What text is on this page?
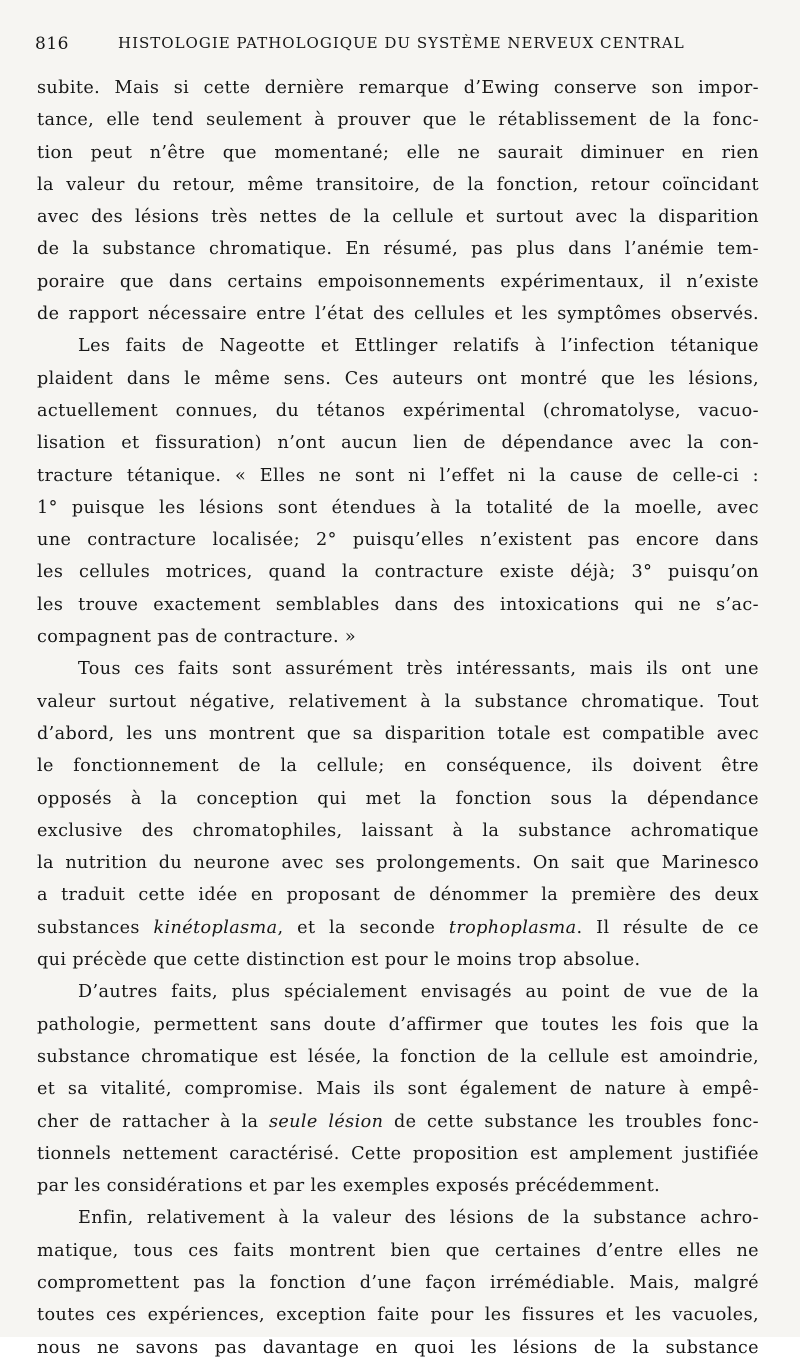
816	HISTOLOGIE PATHOLOGIQUE DU SYSTÈME NERVEUX CENTRAL

subite. Mais si cette dernière remarque d’Ewing conserve son impor-
tance, elle tend seulement à prouver que le rétablissement de la fonc-
tion peut n’être que momentané; elle ne saurait diminuer en rien
la valeur du retour, même transitoire, de la fonction, retour coïncidant
avec des lésions très nettes de la cellule et surtout avec la disparition
de la substance chromatique. En résumé, pas plus dans l’anémie tem-
poraire que dans certains empoisonnements expérimentaux, il n’existe
de rapport nécessaire entre l’état des cellules et les symptômes observés.

Les faits de Nageotte et Ettlinger relatifs à l’infection tétanique
plaident dans le même sens. Ces auteurs ont montré que les lésions,
actuellement connues, du tétanos expérimental (chromatolyse, vacuo-
lisation et fissuration) n’ont aucun lien de dépendance avec la con-
tracture tétanique. « Elles ne sont ni l’effet ni la cause de celle-ci :
1° puisque les lésions sont étendues à la totalité de la moelle, avec
une contracture localisée; 2° puisqu’elles n’existent pas encore dans
les cellules motrices, quand la contracture existe déjà; 3° puisqu’on
les trouve exactement semblables dans des intoxications qui ne s’ac-
compagnent pas de contracture. »

Tous ces faits sont assurément très intéressants, mais ils ont une
valeur surtout négative, relativement à la substance chromatique. Tout
d’abord, les uns montrent que sa disparition totale est compatible avec
le fonctionnement de la cellule; en conséquence, ils doivent être
opposés à la conception qui met la fonction sous la dépendance
exclusive des chromatophiles, laissant à la substance achromatique
la nutrition du neurone avec ses prolongements. On sait que Marinesco
a traduit cette idée en proposant de dénommer la première des deux
substances kinétoplasma, et la seconde trophoplasma. Il résulte de ce
qui précède que cette distinction est pour le moins trop absolue.

D’autres faits, plus spécialement envisagés au point de vue de la
pathologie, permettent sans doute d’affirmer que toutes les fois que la
substance chromatique est lésée, la fonction de la cellule est amoindrie,
et sa vitalité, compromise. Mais ils sont également de nature à empê-
cher de rattacher à la seule lésion de cette substance les troubles fonc-
tionnels nettement caractérisé. Cette proposition est amplement justifiée
par les considérations et par les exemples exposés précédemment.

Enfin, relativement à la valeur des lésions de la substance achro-
matique, tous ces faits montrent bien que certaines d’entre elles ne
compromettent pas la fonction d’une façon irrémédiable. Mais, malgré
toutes ces expériences, exception faite pour les fissures et les vacuoles,
nous ne savons pas davantage en quoi les lésions de la substance
